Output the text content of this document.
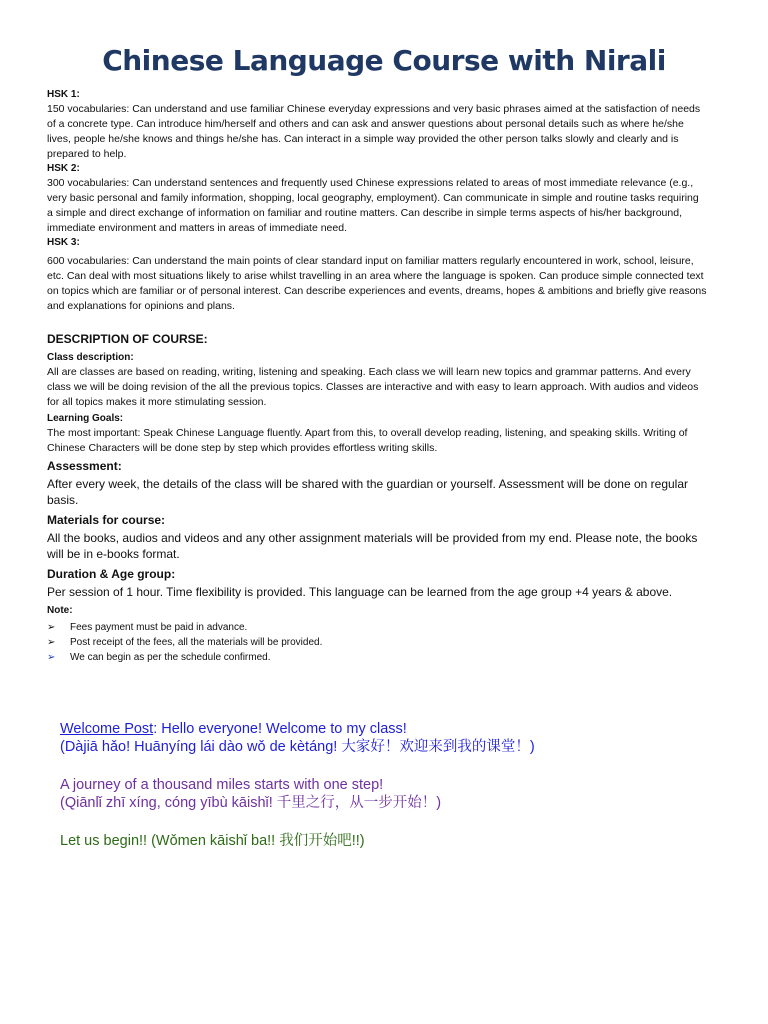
Chinese Language Course with Nirali

HSK 1:

150 vocabularies: Can understand and use familiar Chinese everyday expressions and very basic phrases aimed at the satisfaction of needs of a concrete type. Can introduce him/herself and others and can ask and answer questions about personal details such as where he/she lives, people he/she knows and things he/she has. Can interact in a simple way provided the other person talks slowly and clearly and is prepared to help.

HSK 2:

300 vocabularies: Can understand sentences and frequently used Chinese expressions related to areas of most immediate relevance (e.g., very basic personal and family information, shopping, local geography, employment). Can communicate in simple and routine tasks requiring a simple and direct exchange of information on familiar and routine matters. Can describe in simple terms aspects of his/her background, immediate environment and matters in areas of immediate need.

HSK 3:

600 vocabularies: Can understand the main points of clear standard input on familiar matters regularly encountered in work, school, leisure, etc. Can deal with most situations likely to arise whilst travelling in an area where the language is spoken. Can produce simple connected text on topics which are familiar or of personal interest. Can describe experiences and events, dreams, hopes & ambitions and briefly give reasons and explanations for opinions and plans.

DESCRIPTION OF COURSE:

Class description:

All are classes are based on reading, writing, listening and speaking. Each class we will learn new topics and grammar patterns. And every class we will be doing revision of the all the previous topics. Classes are interactive and with easy to learn approach. With audios and videos for all topics makes it more stimulating session.

Learning Goals:

The most important: Speak Chinese Language fluently. Apart from this, to overall develop reading, listening, and speaking skills. Writing of Chinese Characters will be done step by step which provides effortless writing skills.

Assessment:

After every week, the details of the class will be shared with the guardian or yourself. Assessment will be done on regular basis.

Materials for course:

All the books, audios and videos and any other assignment materials will be provided from my end. Please note, the books will be in e-books format.

Duration & Age group:

Per session of 1 hour. Time flexibility is provided. This language can be learned from the age group +4 years & above.

Note:

➢ Fees payment must be paid in advance.
➢ Post receipt of the fees, all the materials will be provided.
➢ We can begin as per the schedule confirmed.

Welcome Post: Hello everyone! Welcome to my class!

(Dàjiā hǎo! Huānyíng lái dào wǒ de kètáng! 大家好！欢迎来到我的课堂！)

A journey of a thousand miles starts with one step!

(Qiānlǐ zhī xíng, cóng yībù kāishǐ! 千里之行，从一步开始！)

Let us begin!! (Wǒmen kāishǐ ba!! 我们开始吧!!)
